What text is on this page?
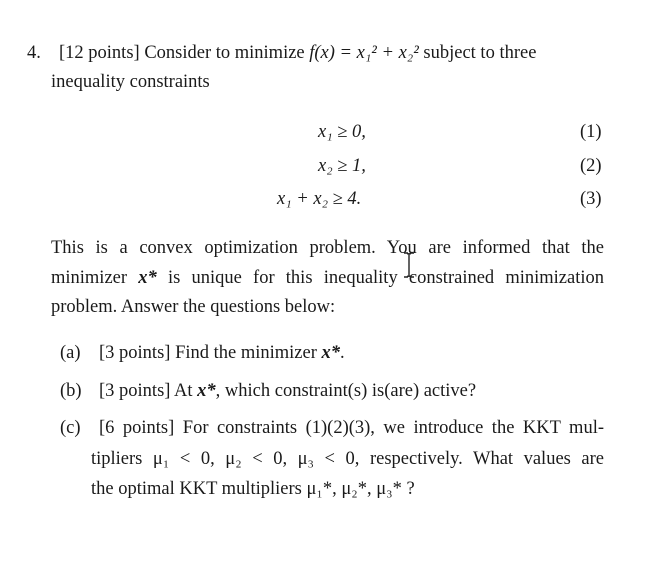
4. [12 points] Consider to minimize f(x) = x₁² + x₂² subject to three
inequality constraints
x₁ ≥ 0,	(1)
x₂ ≥ 1,	(2)
x₁ + x₂ ≥ 4.	(3)
This is a convex optimization problem. You are informed that the
minimizer x* is unique for this inequality constrained minimization
problem. Answer the questions below:
(a) [3 points] Find the minimizer x*.
(b) [3 points] At x*, which constraint(s) is(are) active?
(c) [6 points] For constraints (1)(2)(3), we introduce the KKT mul-
tipliers μ₁ < 0, μ₂ < 0, μ₃ < 0, respectively. What values are
the optimal KKT multipliers μ₁*, μ₂*, μ₃* ?
